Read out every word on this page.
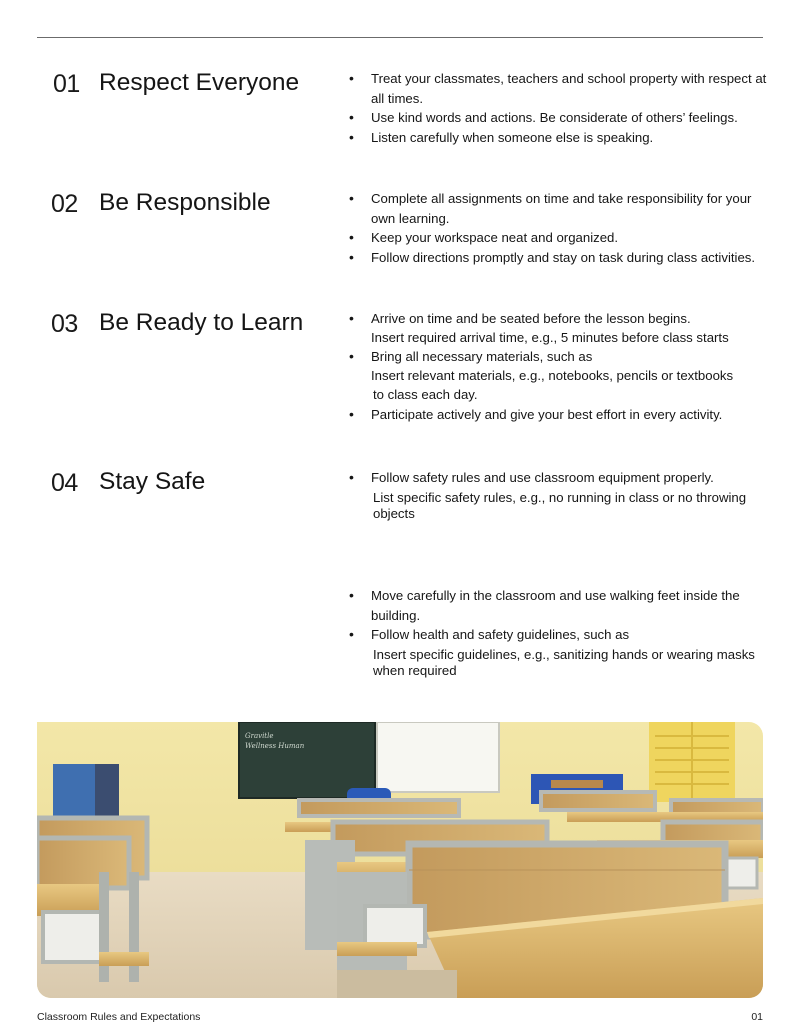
01 Respect Everyone	• Treat your classmates, teachers and school property with respect at all times.
• Use kind words and actions. Be considerate of others’ feelings.
• Listen carefully when someone else is speaking.
02 Be Responsible	• Complete all assignments on time and take responsibility for your own learning.
• Keep your workspace neat and organized.
• Follow directions promptly and stay on task during class activities.
03 Be Ready to Learn	• Arrive on time and be seated before the lesson begins.
Insert required arrival time, e.g., 5 minutes before class starts
• Bring all necessary materials, such as
Insert relevant materials, e.g., notebooks, pencils or textbooks
to class each day.
• Participate actively and give your best effort in every activity.
04 Stay Safe	• Follow safety rules and use classroom equipment properly.
List specific safety rules, e.g., no running in class or no throwing objects
• Move carefully in the classroom and use walking feet inside the building.
• Follow health and safety guidelines, such as
Insert specific guidelines, e.g., sanitizing hands or wearing masks when required
Gravitle
Wellness Human
Classroom Rules and Expectations	01
